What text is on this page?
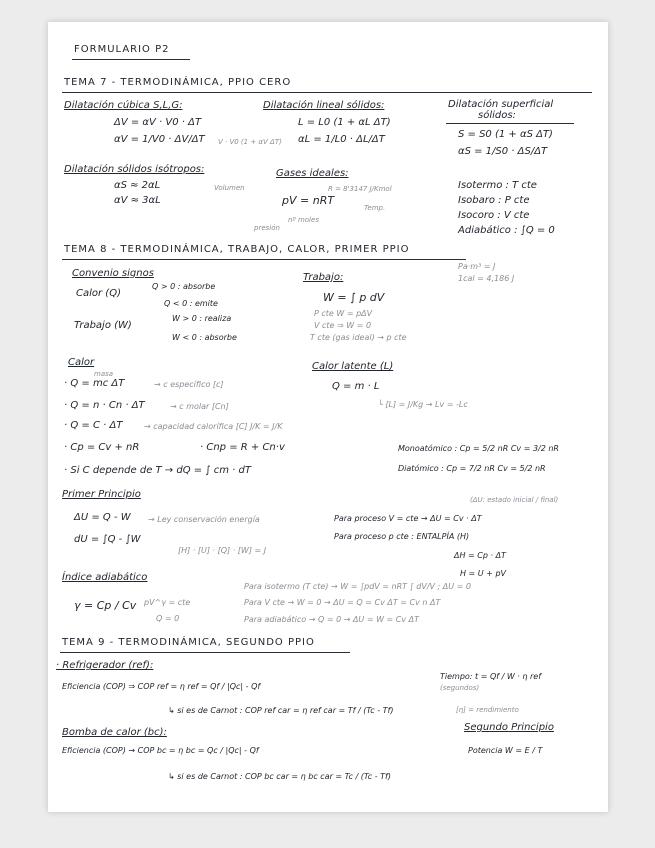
FORMULARIO P2
TEMA 7 - TERMODINÁMICA, PPIO CERO
Dilatación cúbica S,L,G:
ΔV = αV · V0 · ΔT
αV = 1/V0 · ΔV/ΔT V · V0 (1 + αV ΔT)
Dilatación lineal sólidos:
L = L0 (1 + αL ΔT)
αL = 1/L0 · ΔL/ΔT
Dilatación superficial
sólidos:
S = S0 (1 + αS ΔT)
αS = 1/S0 · ΔS/ΔT
Dilatación sólidos isótropos:
αS ≈ 2αL
αV ≈ 3αL
Gases ideales:
Volumen	R = 8'3147 J/Kmol
pV = nRT
Temp.
nº moles
presión
Isotermo : T cte
Isobaro : P cte
Isocoro : V cte
Adiabático : ∫Q = 0
TEMA 8 - TERMODINÁMICA, TRABAJO, CALOR, PRIMER PPIO
Pa·m³ = J
1cal = 4,186 J
Convenio signos
Calor (Q)
Q > 0 : absorbe
Q < 0 : emite
Trabajo (W)
W > 0 : realiza
W < 0 : absorbe
Trabajo:
W = ∫ p dV
P cte W = pΔV
V cte ⇒ W = 0
T cte (gas ideal) → p cte
Calor
masa
· Q = mc ΔT	→ c específico [c]
· Q = n · Cn · ΔT	→ c molar [Cn]
· Q = C · ΔT	→ capacidad calorífica [C] J/K = J/K
· Cp = Cv + nR	· Cnp = R + Cn·v
· Si C depende de T → dQ = ∫ cm · dT
Calor latente (L)
Q = m · L
└ [L] = J/Kg → Lv = -Lc
Monoatómico : Cp = 5/2 nR Cv = 3/2 nR
Diatómico : Cp = 7/2 nR Cv = 5/2 nR
Primer Principio	(ΔU: estado inicial / final)
ΔU = Q - W → Ley conservación energía	Para proceso V = cte → ΔU = Cv · ΔT
dU = ∫Q - ∫W	Para proceso p cte : ENTALPÍA (H)
[H] · [U] · [Q] · [W] = J
ΔH = Cp · ΔT
H = U + pV
Índice adiabático
γ = Cp / Cv pV^γ = cte
Q = 0
Para isotermo (T cte) → W = ∫pdV = nRT ∫ dV/V ; ΔU = 0
Para V cte → W = 0 → ΔU = Q = Cv ΔT = Cv n ΔT
Para adiabático → Q = 0 → ΔU = W = Cv ΔT
TEMA 9 - TERMODINÁMICA, SEGUNDO PPIO
· Refrigerador (ref):
Eficiencia (COP) ⇒ COP ref = η ref = Qf / |Qc| - Qf
↳ si es de Carnot : COP ref car = η ref car = Tf / (Tc - Tf)
Tiempo: t = Qf / W · η ref
(segundos)
[η] = rendimiento
Bomba de calor (bc):
Eficiencia (COP) → COP bc = η bc = Qc / |Qc| - Qf
↳ si es de Carnot : COP bc car = η bc car = Tc / (Tc - Tf)
Segundo Principio
Potencia W = E / T
